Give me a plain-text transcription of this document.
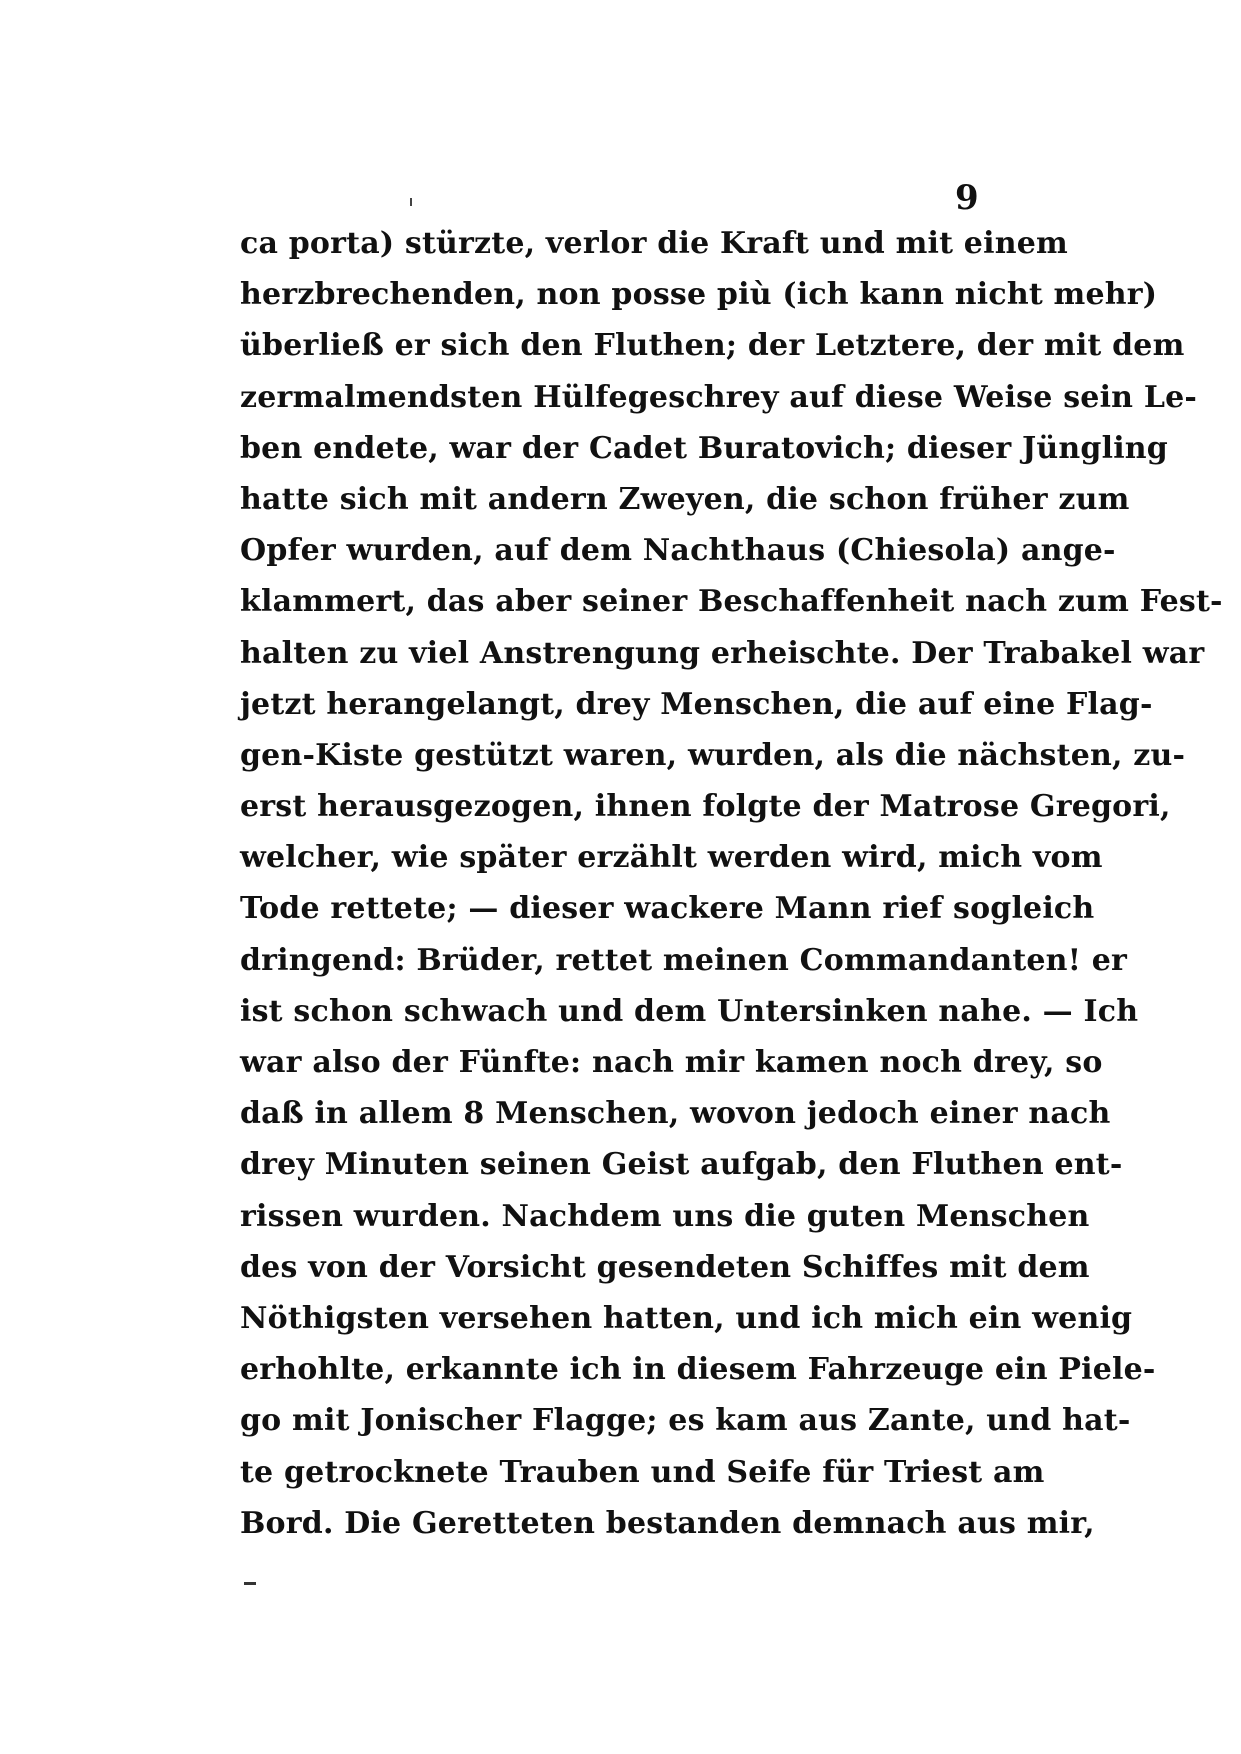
9
ca porta) stürzte, verlor die Kraft und mit einem
herzbrechenden, non posse più (ich kann nicht mehr)
überließ er sich den Fluthen; der Letztere, der mit dem
zermalmendsten Hülfegeschrey auf diese Weise sein Le-
ben endete, war der Cadet Buratovich; dieser Jüngling
hatte sich mit andern Zweyen, die schon früher zum
Opfer wurden, auf dem Nachthaus (Chiesola) ange-
klammert, das aber seiner Beschaffenheit nach zum Fest-
halten zu viel Anstrengung erheischte. Der Trabakel war
jetzt herangelangt, drey Menschen, die auf eine Flag-
gen-Kiste gestützt waren, wurden, als die nächsten, zu-
erst herausgezogen, ihnen folgte der Matrose Gregori,
welcher, wie später erzählt werden wird, mich vom
Tode rettete; — dieser wackere Mann rief sogleich
dringend: Brüder, rettet meinen Commandanten! er
ist schon schwach und dem Untersinken nahe. — Ich
war also der Fünfte: nach mir kamen noch drey, so
daß in allem 8 Menschen, wovon jedoch einer nach
drey Minuten seinen Geist aufgab, den Fluthen ent-
rissen wurden. Nachdem uns die guten Menschen
des von der Vorsicht gesendeten Schiffes mit dem
Nöthigsten versehen hatten, und ich mich ein wenig
erhohlte, erkannte ich in diesem Fahrzeuge ein Piele-
go mit Jonischer Flagge; es kam aus Zante, und hat-
te getrocknete Trauben und Seife für Triest am
Bord. Die Geretteten bestanden demnach aus mir,
